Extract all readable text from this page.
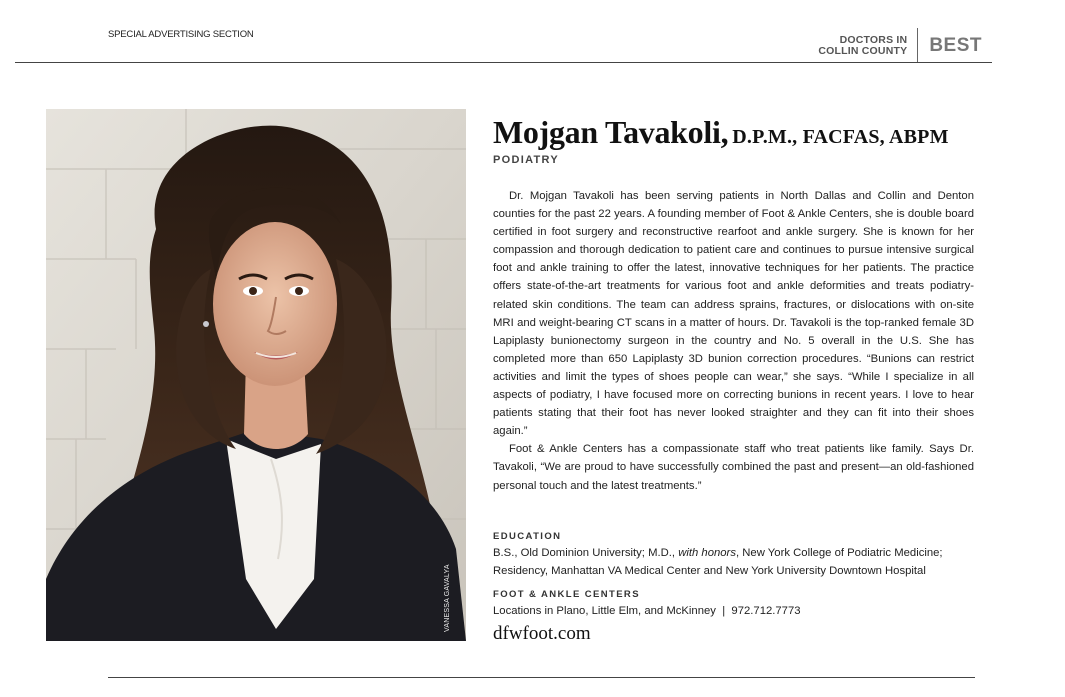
SPECIAL ADVERTISING SECTION	DOCTORS IN
COLLIN COUNTY	BEST
VANESSA GAVALYA
Mojgan Tavakoli, D.P.M., FACFAS, ABPM
PODIATRY

Dr. Mojgan Tavakoli has been serving patients in North Dallas and Collin and Denton counties for the past 22 years. A founding member of Foot & Ankle Centers, she is double board certified in foot surgery and reconstructive rearfoot and ankle surgery. She is known for her compassion and thorough dedication to patient care and continues to pursue intensive surgical foot and ankle training to offer the latest, innovative techniques for her patients. The practice offers state-of-the-art treatments for various foot and ankle deformities and treats podiatry-related skin conditions. The team can address sprains, fractures, or dislocations with on-site MRI and weight-bearing CT scans in a matter of hours. Dr. Tavakoli is the top-ranked female 3D Lapiplasty bunionectomy surgeon in the country and No. 5 overall in the U.S. She has completed more than 650 Lapiplasty 3D bunion correction procedures. “Bunions can restrict activities and limit the types of shoes people can wear,” she says. “While I specialize in all aspects of podiatry, I have focused more on correcting bunions in recent years. I love to hear patients stating that their foot has never looked straighter and they can fit into their shoes again.”

Foot & Ankle Centers has a compassionate staff who treat patients like family. Says Dr. Tavakoli, “We are proud to have successfully combined the past and present—an old-fashioned personal touch and the latest treatments.”

EDUCATION
B.S., Old Dominion University; M.D., with honors, New York College of Podiatric Medicine; Residency, Manhattan VA Medical Center and New York University Downtown Hospital
FOOT & ANKLE CENTERS
Locations in Plano, Little Elm, and McKinney | 972.712.7773
dfwfoot.com
